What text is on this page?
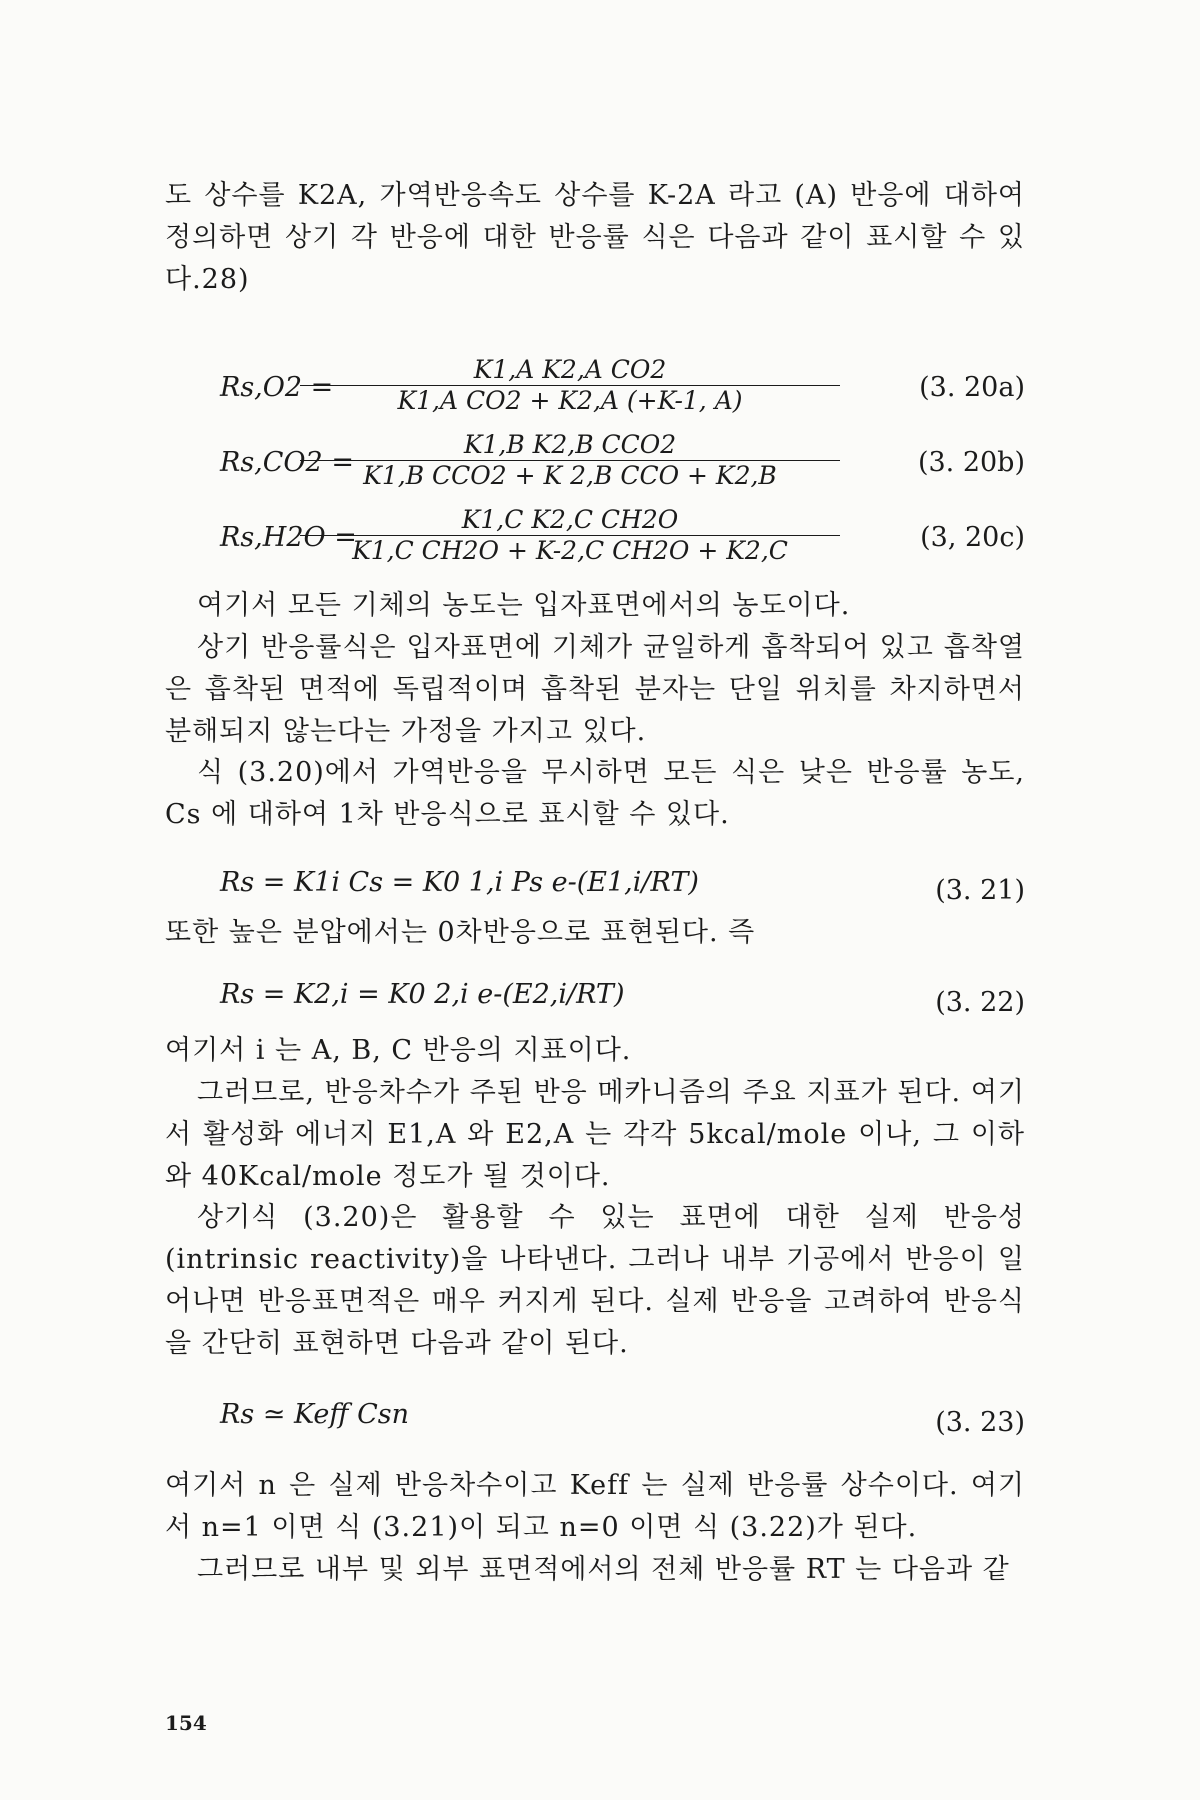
도 상수를 K2A, 가역반응속도 상수를 K-2A 라고 (A) 반응에 대하여 정의하면 상기 각 반응에 대한 반응률 식은 다음과 같이 표시할 수 있다.28)

Rs,O2 =
$\frac{\text{K1,A K2,A CO2}}{\text{K1,A CO2 + K2,A (+K-1, A)}}$	(3. 20a)
Rs,CO2 =
K1,B K2,B CCO2
K1,B CCO2 + K 2,B CCO + K2,B	(3. 20b)
Rs,H2O =
$\frac{\text{K1,C K2,C CH2O}}{\text{K1,C CH2O + K-2,C CH2O + K2,C}}$	(3, 20c)

여기서 모든 기체의 농도는 입자표면에서의 농도이다.

상기 반응률식은 입자표면에 기체가 균일하게 흡착되어 있고 흡착열은 흡착된 면적에 독립적이며 흡착된 분자는 단일 위치를 차지하면서 분해되지 않는다는 가정을 가지고 있다.

식 (3.20)에서 가역반응을 무시하면 모든 식은 낮은 반응률 농도, Cs 에 대하여 1차 반응식으로 표시할 수 있다.

Rs = K1i Cs = K0 1,i Ps e-(E1,i/RT)	(3. 21)

또한 높은 분압에서는 0차반응으로 표현된다. 즉

Rs = K2,i = K0 2,i e-(E2,i/RT)	(3. 22)

여기서 i 는 A, B, C 반응의 지표이다.

그러므로, 반응차수가 주된 반응 메카니즘의 주요 지표가 된다. 여기서 활성화 에너지 E1,A 와 E2,A 는 각각 5kcal/mole 이나, 그 이하와 40Kcal/mole 정도가 될 것이다.

상기식 (3.20)은 활용할 수 있는 표면에 대한 실제 반응성(intrinsic reactivity)을 나타낸다. 그러나 내부 기공에서 반응이 일어나면 반응표면적은 매우 커지게 된다. 실제 반응을 고려하여 반응식을 간단히 표현하면 다음과 같이 된다.

Rs ≃ Keff Csn	(3. 23)

여기서 n 은 실제 반응차수이고 Keff 는 실제 반응률 상수이다. 여기서 n=1 이면 식 (3.21)이 되고 n=0 이면 식 (3.22)가 된다.

그러므로 내부 및 외부 표면적에서의 전체 반응률 RT 는 다음과 같

154
